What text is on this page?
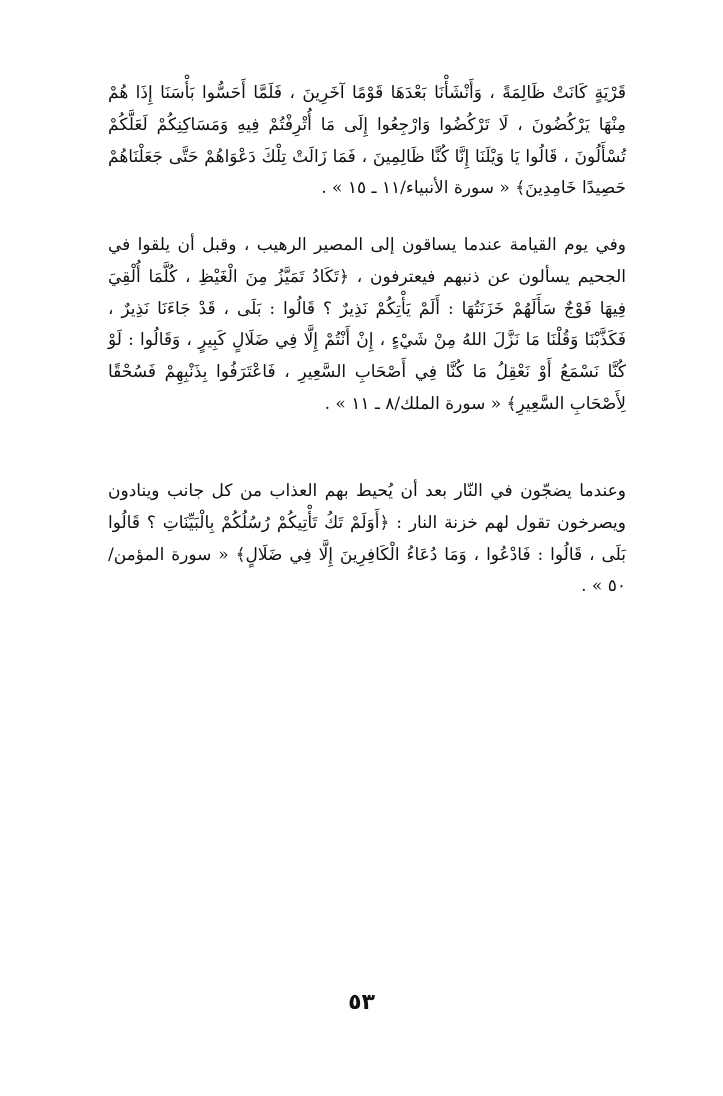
قَرْيَةٍ كَانَتْ ظَالِمَةً ، وَأَنْشَأْنَا بَعْدَهَا قَوْمًا آخَرِينَ ، فَلَمَّا أَحَسُّوا بَأْسَنَا إِذَا هُمْ مِنْهَا يَرْكُضُونَ ، لَا تَرْكُضُوا وَارْجِعُوا إِلَى مَا أُتْرِفْتُمْ فِيهِ وَمَسَاكِنِكُمْ لَعَلَّكُمْ تُسْأَلُونَ ، قَالُوا يَا وَيْلَنَا إِنَّا كُنَّا ظَالِمِينَ ، فَمَا زَالَتْ تِلْكَ دَعْوَاهُمْ حَتَّى جَعَلْنَاهُمْ حَصِيدًا خَامِدِينَ﴾ « سورة الأنبياء/١١ ـ ١٥ » .

وفي يوم القيامة عندما يساقون إلى المصير الرهيب ، وقبل أن يلقوا في الجحيم يسألون عن ذنبهم فيعترفون ، ﴿تَكَادُ تَمَيَّزُ مِنَ الْغَيْظِ ، كُلَّمَا أُلْقِيَ فِيهَا فَوْجٌ سَأَلَهُمْ خَزَنَتُهَا : أَلَمْ يَأْتِكُمْ نَذِيرٌ ؟ قَالُوا : بَلَى ، قَدْ جَاءَنَا نَذِيرٌ ، فَكَذَّبْنَا وَقُلْنَا مَا نَزَّلَ اللهُ مِنْ شَيْءٍ ، إِنْ أَنْتُمْ إِلَّا فِي ضَلَالٍ كَبِيرٍ ، وَقَالُوا : لَوْ كُنَّا نَسْمَعُ أَوْ نَعْقِلُ مَا كُنَّا فِي أَصْحَابِ السَّعِيرِ ، فَاعْتَرَفُوا بِذَنْبِهِمْ فَسُحْقًا لِأَصْحَابِ السَّعِيرِ﴾ « سورة الملك/٨ ـ ١١ » .

وعندما يضجّون في النّار بعد أن يُحيط بهم العذاب من كل جانب وينادون ويصرخون تقول لهم خزنة النار : ﴿أَوَلَمْ تَكُ تَأْتِيكُمْ رُسُلُكُمْ بِالْبَيِّنَاتِ ؟ قَالُوا بَلَى ، قَالُوا : فَادْعُوا ، وَمَا دُعَاءُ الْكَافِرِينَ إِلَّا فِي ضَلَالٍ﴾ « سورة المؤمن/ ٥٠ » .

٥٣
